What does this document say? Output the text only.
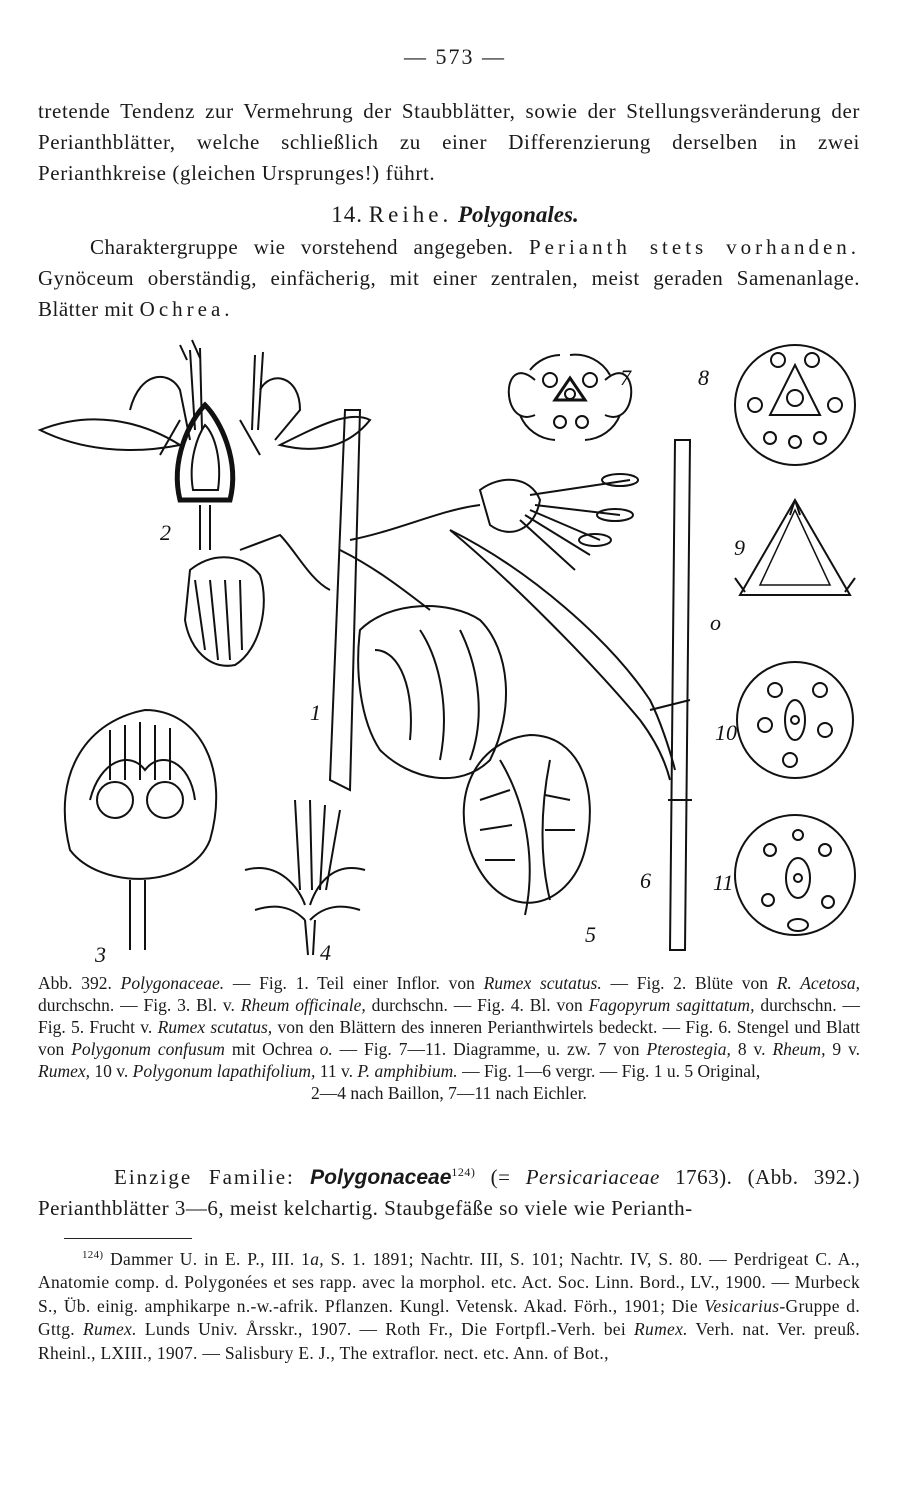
— 573 —

tretende Tendenz zur Vermehrung der Staubblätter, sowie der Stellungsveränderung der Perianthblätter, welche schließlich zu einer Differenzierung derselben in zwei Perianthkreise (gleichen Ursprunges!) führt.

14. Reihe. Polygonales.

Charaktergruppe wie vorstehend angegeben. Perianth stets vorhanden. Gynöceum oberständig, einfächerig, mit einer zentralen, meist geraden Samenanlage. Blätter mit Ochrea.

2
1
3	4
5
6
7	8
9
10
11
o

Abb. 392. Polygonaceae. — Fig. 1. Teil einer Inflor. von Rumex scutatus. — Fig. 2. Blüte von R. Acetosa, durchschn. — Fig. 3. Bl. v. Rheum officinale, durchschn. — Fig. 4. Bl. von Fagopyrum sagittatum, durchschn. — Fig. 5. Frucht v. Rumex scutatus, von den Blättern des inneren Perianthwirtels bedeckt. — Fig. 6. Stengel und Blatt von Polygonum confusum mit Ochrea o. — Fig. 7—11. Diagramme, u. zw. 7 von Pterostegia, 8 v. Rheum, 9 v. Rumex, 10 v. Polygonum lapathifolium, 11 v. P. amphibium. — Fig. 1—6 vergr. — Fig. 1 u. 5 Original,
2—4 nach Baillon, 7—11 nach Eichler.

Einzige Familie: Polygonaceae$^{124)}$ (= Persicariaceae 1763). (Abb. 392.) Perianthblätter 3—6, meist kelchartig. Staubgefäße so viele wie Perianth-

$^{124)}$ Dammer U. in E. P., III. 1a, S. 1. 1891; Nachtr. III, S. 101; Nachtr. IV, S. 80. — Perdrigeat C. A., Anatomie comp. d. Polygonées et ses rapp. avec la morphol. etc. Act. Soc. Linn. Bord., LV., 1900. — Murbeck S., Üb. einig. amphikarpe n.-w.-afrik. Pflanzen. Kungl. Vetensk. Akad. Förh., 1901; Die Vesicarius-Gruppe d. Gttg. Rumex. Lunds Univ. Årsskr., 1907. — Roth Fr., Die Fortpfl.-Verh. bei Rumex. Verh. nat. Ver. preuß. Rheinl., LXIII., 1907. — Salisbury E. J., The extraflor. nect. etc. Ann. of Bot.,
